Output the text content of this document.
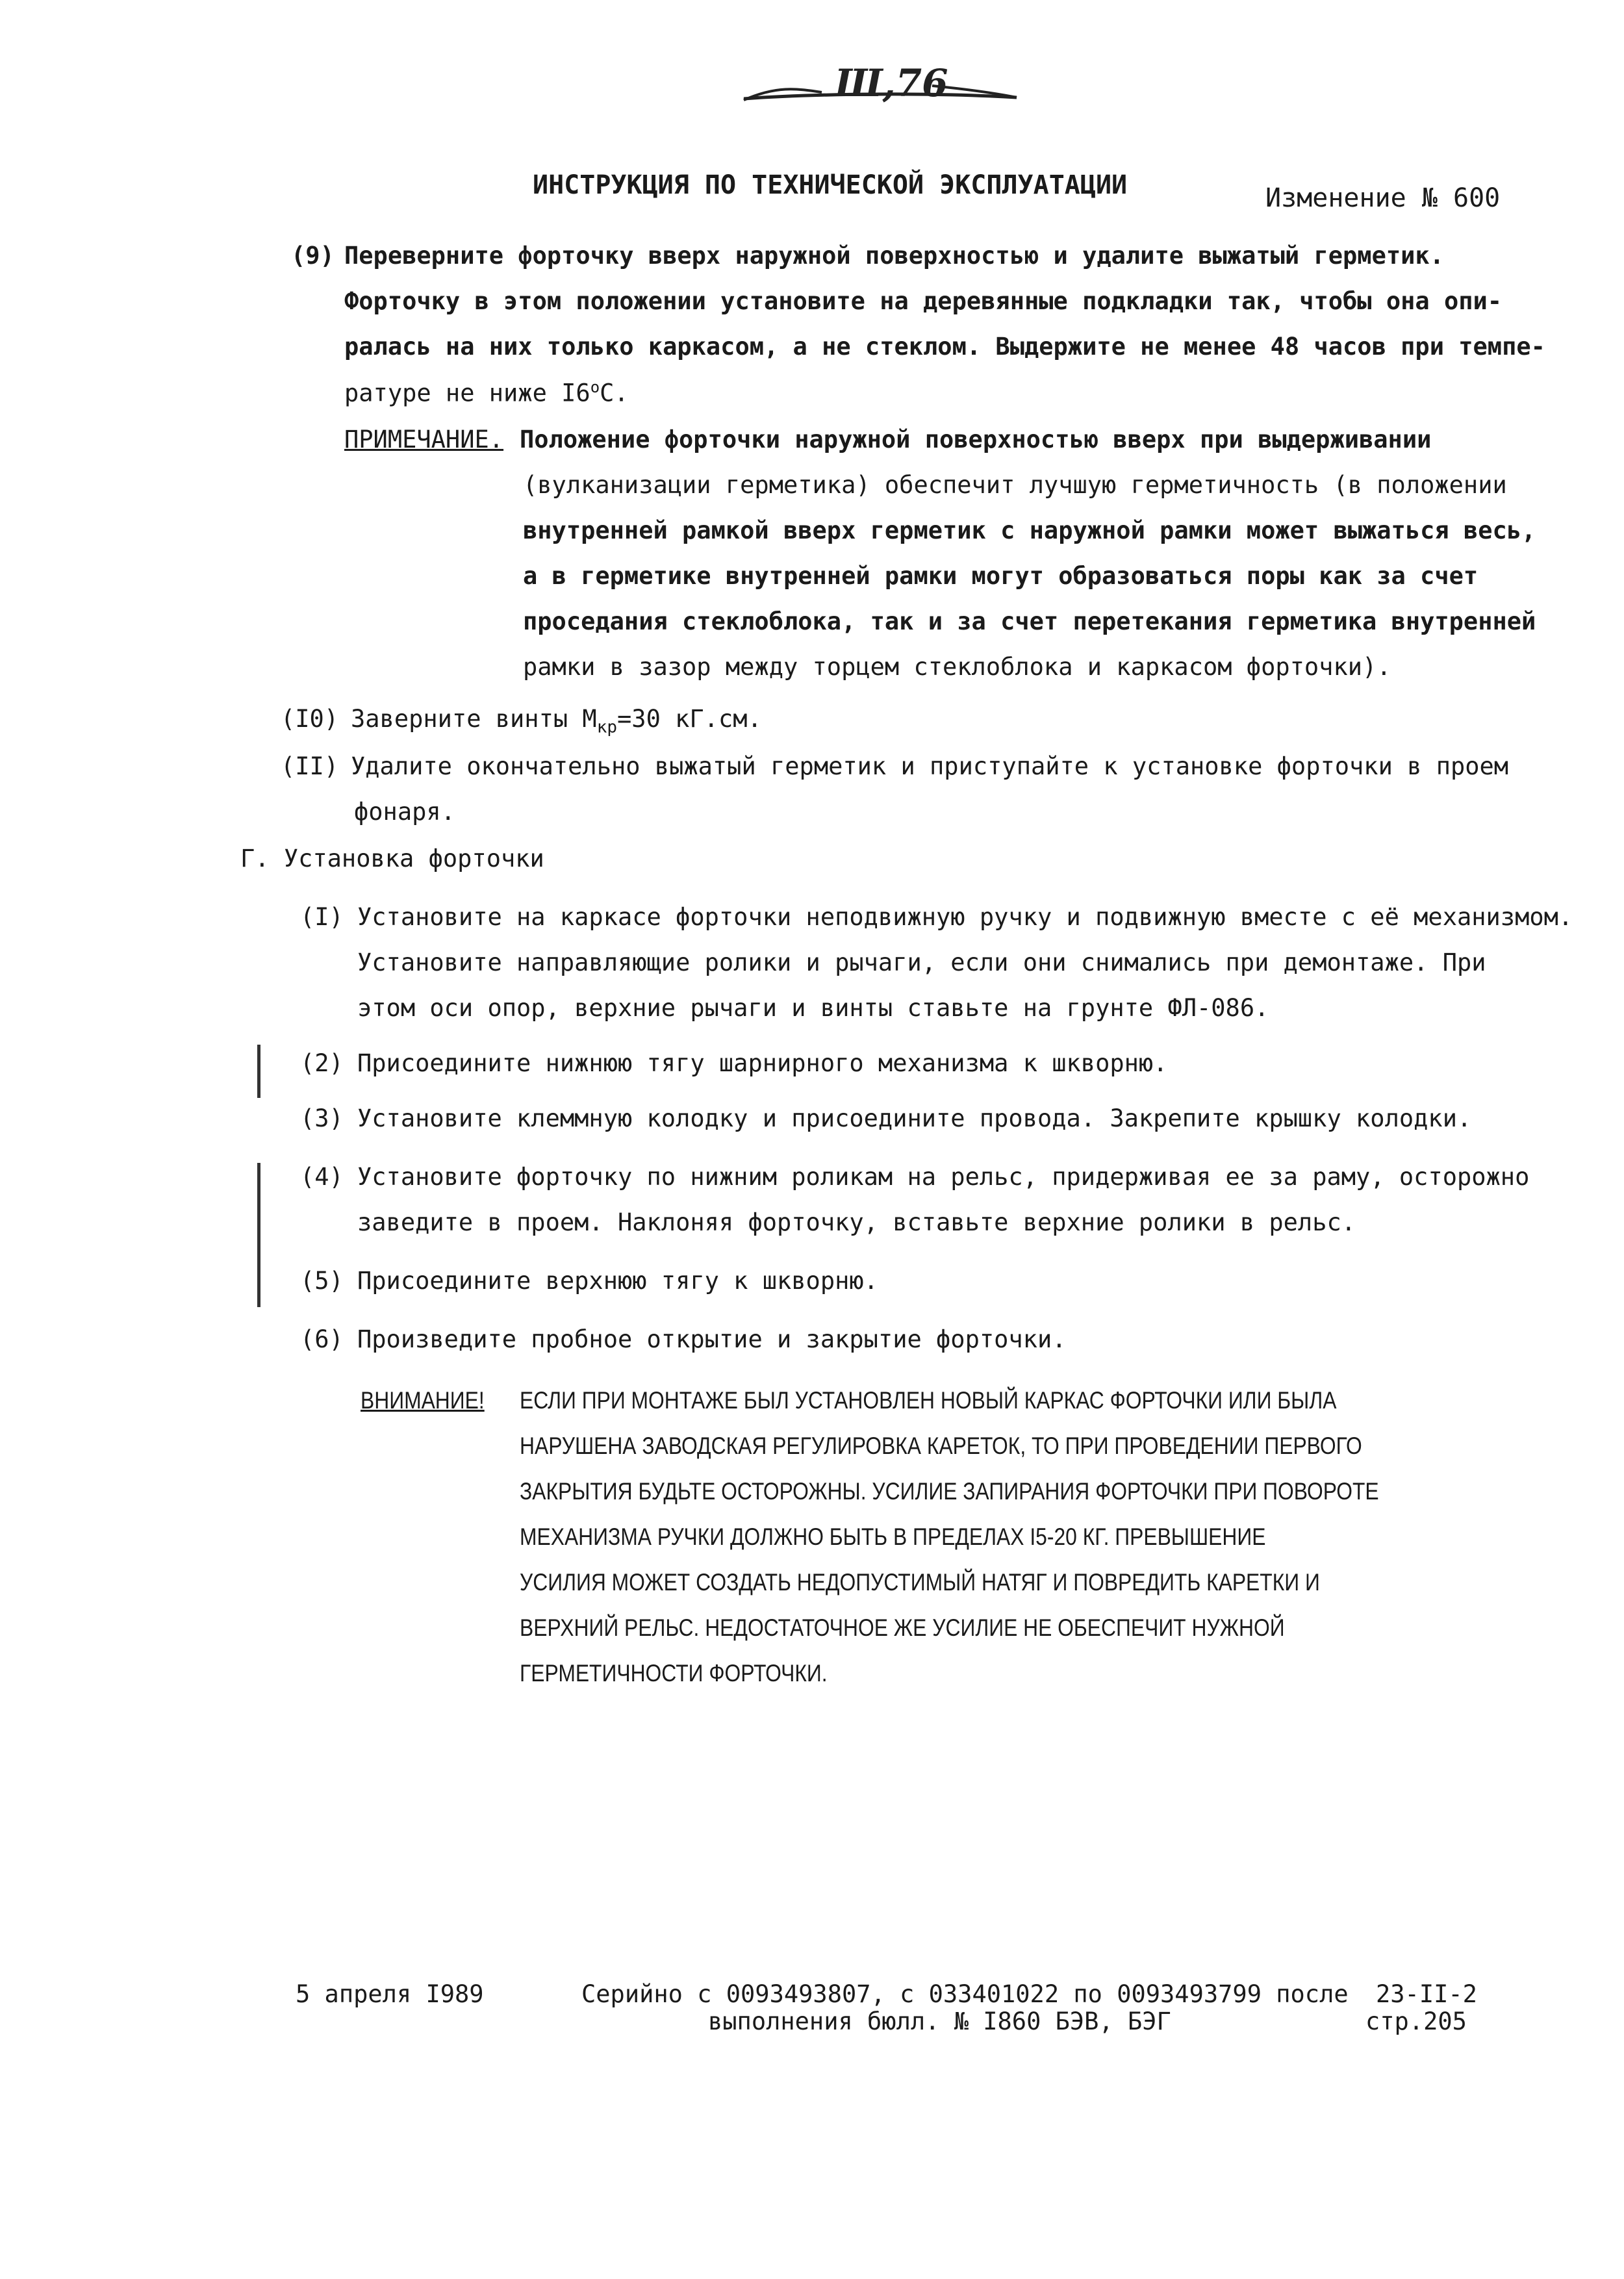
Ш,76
ИНСТРУКЦИЯ ПО ТЕХНИЧЕСКОЙ ЭКСПЛУАТАЦИИ	Изменение № 600
(9) Переверните форточку вверх наружной поверхностью и удалите выжатый герметик.
Форточку в этом положении установите на деревянные подкладки так, чтобы она опи-
ралась на них только каркасом, а не стеклом. Выдержите не менее 48 часов при темпе-
ратуре не ниже $I6^оС$.
ПРИМЕЧАНИЕ. Положение форточки наружной поверхностью вверх при выдерживании
(вулканизации герметика) обеспечит лучшую герметичность (в положении
внутренней рамкой вверх герметик с наружной рамки может выжаться весь,
а в герметике внутренней рамки могут образоваться поры как за счет
проседания стеклоблока, так и за счет перетекания герметика внутренней
рамки в зазор между торцем стеклоблока и каркасом форточки).
(I0) Заверните винты $М_{кр}=30$ кГ.см.
(II) Удалите окончательно выжатый герметик и приступайте к установке форточки в проем
фонаря.
Г. Установка форточки
(I) Установите на каркасе форточки неподвижную ручку и подвижную вместе с её механизмом.
Установите направляющие ролики и рычаги, если они снимались при демонтаже. При
этом оси опор, верхние рычаги и винты ставьте на грунте ФЛ-086.
(2) Присоедините нижнюю тягу шарнирного механизма к шкворню.
(3) Установите клеммную колодку и присоедините провода. Закрепите крышку колодки.
(4) Установите форточку по нижним роликам на рельс, придерживая ее за раму, осторожно
заведите в проем. Наклоняя форточку, вставьте верхние ролики в рельс.
(5) Присоедините верхнюю тягу к шкворню.
(6) Произведите пробное открытие и закрытие форточки.
ВНИМАНИЕ! ЕСЛИ ПРИ МОНТАЖЕ БЫЛ УСТАНОВЛЕН НОВЫЙ КАРКАС ФОРТОЧКИ ИЛИ БЫЛА
НАРУШЕНА ЗАВОДСКАЯ РЕГУЛИРОВКА КАРЕТОК, ТО ПРИ ПРОВЕДЕНИИ ПЕРВОГО
ЗАКРЫТИЯ БУДЬТЕ ОСТОРОЖНЫ. УСИЛИЕ ЗАПИРАНИЯ ФОРТОЧКИ ПРИ ПОВОРОТЕ
МЕХАНИЗМА РУЧКИ ДОЛЖНО БЫТЬ В ПРЕДЕЛАХ I5-20 КГ. ПРЕВЫШЕНИЕ
УСИЛИЯ МОЖЕТ СОЗДАТЬ НЕДОПУСТИМЫЙ НАТЯГ И ПОВРЕДИТЬ КАРЕТКИ И
ВЕРХНИЙ РЕЛЬС. НЕДОСТАТОЧНОЕ ЖЕ УСИЛИЕ НЕ ОБЕСПЕЧИТ НУЖНОЙ
ГЕРМЕТИЧНОСТИ ФОРТОЧКИ.
5 апреля I989	Серийно с 0093493807, с 033401022 по 0093493799 после
выполнения бюлл. № I860 БЭВ, БЭГ
23-II-2
стр.205
